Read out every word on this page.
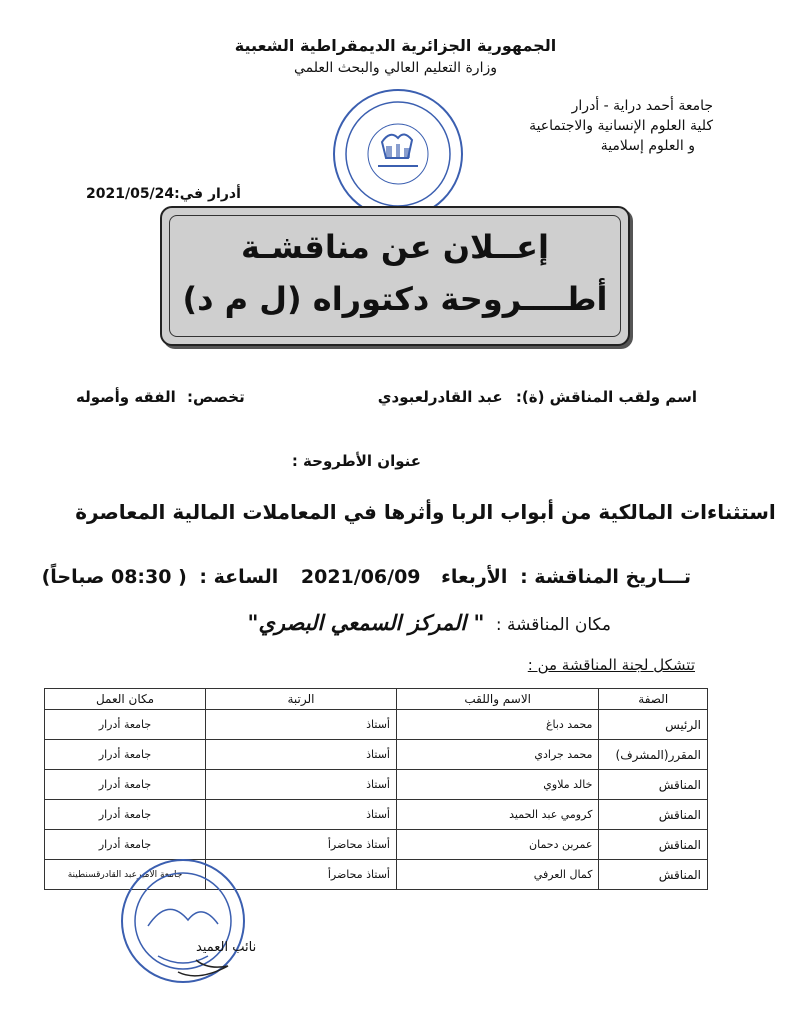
الجمهورية الجزائرية الديمقراطية الشعبية
وزارة التعليم العالي والبحث العلمي
جامعة أحمد دراية - أدرار
كلية العلوم الإنسانية والاجتماعية
و العلوم إسلامية
أدرار في:2021/05/24
إعــلان عن مناقشـة
أطــــروحة دكتوراه (ل م د)
اسم ولقب المناقش (ة): عبد القادرلعبودي
تخصص: الفقه وأصوله
عنوان الأطروحة :
استثناءات المالكية من أبواب الربا وأثرها في المعاملات المالية المعاصرة
تـــاريخ المناقشة : الأربعاء 2021/06/09 الساعة : ( 08:30 صباحاً)
مكان المناقشة : " المركز السمعي البصري"
تتشكل لجنة المناقشة من :
الصفة	الاسم واللقب	الرتبة	مكان العمل
الرئيس	محمد دباغ	أستاذ	جامعة أدرار
المقرر(المشرف)	محمد جرادي	أستاذ	جامعة أدرار
المناقش	خالد ملاوي	أستاذ	جامعة أدرار
المناقش	كرومي عبد الحميد	أستاذ	جامعة أدرار
المناقش	عمربن دحمان	أستاذ محاضرأ	جامعة أدرار
المناقش	كمال العرفي	أستاذ محاضرأ	جامعة الأميرعبد القادرقسنطينة
نائب العميد
